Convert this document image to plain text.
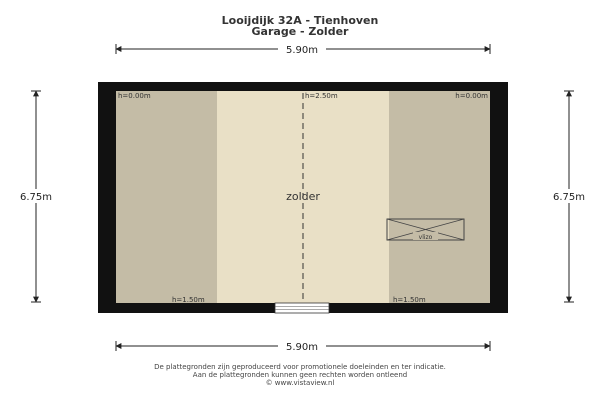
Looijdijk 32A - Tienhoven
Garage - Zolder
5.90m
6.75m	6.75m
5.90m
h=0.00m	h=2.50m	h=0.00m
h=1.50m	h=1.50m
zolder
vlizo
De plattegronden zijn geproduceerd voor promotionele doeleinden en ter indicatie.
Aan de plattegronden kunnen geen rechten worden ontleend
© www.vistaview.nl
